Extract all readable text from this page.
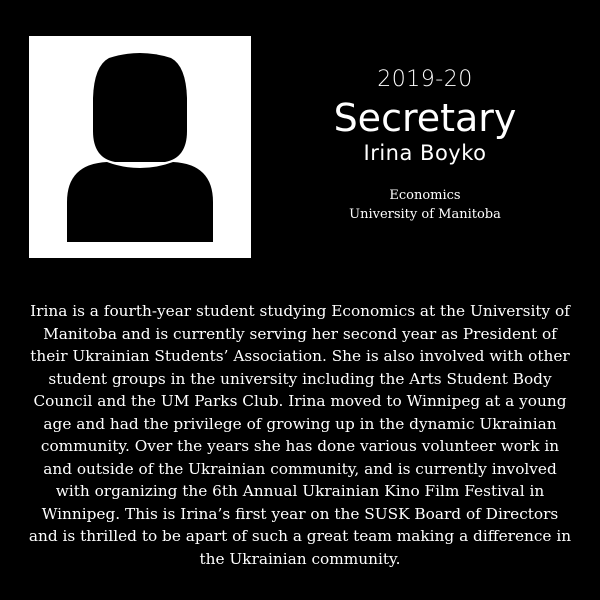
2019-20
Secretary
Irina Boyko
Economics
University of Manitoba

Irina is a fourth-year student studying Economics at the University of Manitoba and is currently serving her second year as President of their Ukrainian Students’ Association. She is also involved with other student groups in the university including the Arts Student Body Council and the UM Parks Club. Irina moved to Winnipeg at a young age and had the privilege of growing up in the dynamic Ukrainian community. Over the years she has done various volunteer work in and outside of the Ukrainian community, and is currently involved with organizing the 6th Annual Ukrainian Kino Film Festival in Winnipeg. This is Irina’s first year on the SUSK Board of Directors and is thrilled to be apart of such a great team making a difference in the Ukrainian community.
